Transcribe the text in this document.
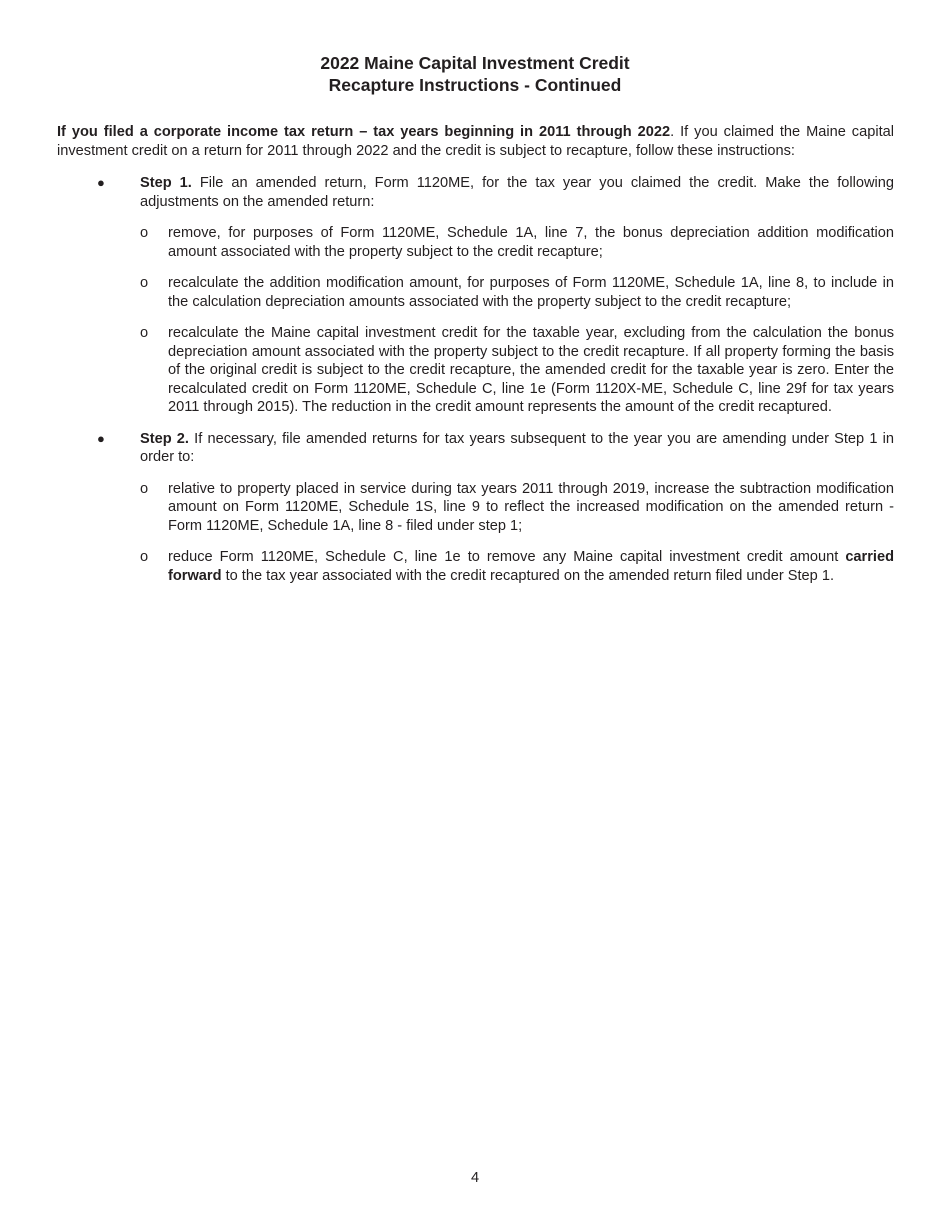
2022 Maine Capital Investment Credit
Recapture Instructions - Continued
If you filed a corporate income tax return – tax years beginning in 2011 through 2022. If you claimed the Maine capital investment credit on a return for 2011 through 2022 and the credit is subject to recapture, follow these instructions:
● Step 1. File an amended return, Form 1120ME, for the tax year you claimed the credit. Make the following adjustments on the amended return:
o remove, for purposes of Form 1120ME, Schedule 1A, line 7, the bonus depreciation addition modification amount associated with the property subject to the credit recapture;
o recalculate the addition modification amount, for purposes of Form 1120ME, Schedule 1A, line 8, to include in the calculation depreciation amounts associated with the property subject to the credit recapture;
o recalculate the Maine capital investment credit for the taxable year, excluding from the calculation the bonus depreciation amount associated with the property subject to the credit recapture. If all property forming the basis of the original credit is subject to the credit recapture, the amended credit for the taxable year is zero. Enter the recalculated credit on Form 1120ME, Schedule C, line 1e (Form 1120X-ME, Schedule C, line 29f for tax years 2011 through 2015). The reduction in the credit amount represents the amount of the credit recaptured.
● Step 2. If necessary, file amended returns for tax years subsequent to the year you are amending under Step 1 in order to:
o relative to property placed in service during tax years 2011 through 2019, increase the subtraction modification amount on Form 1120ME, Schedule 1S, line 9 to reflect the increased modification on the amended return - Form 1120ME, Schedule 1A, line 8 - filed under step 1;
o reduce Form 1120ME, Schedule C, line 1e to remove any Maine capital investment credit amount carried forward to the tax year associated with the credit recaptured on the amended return filed under Step 1.
4
